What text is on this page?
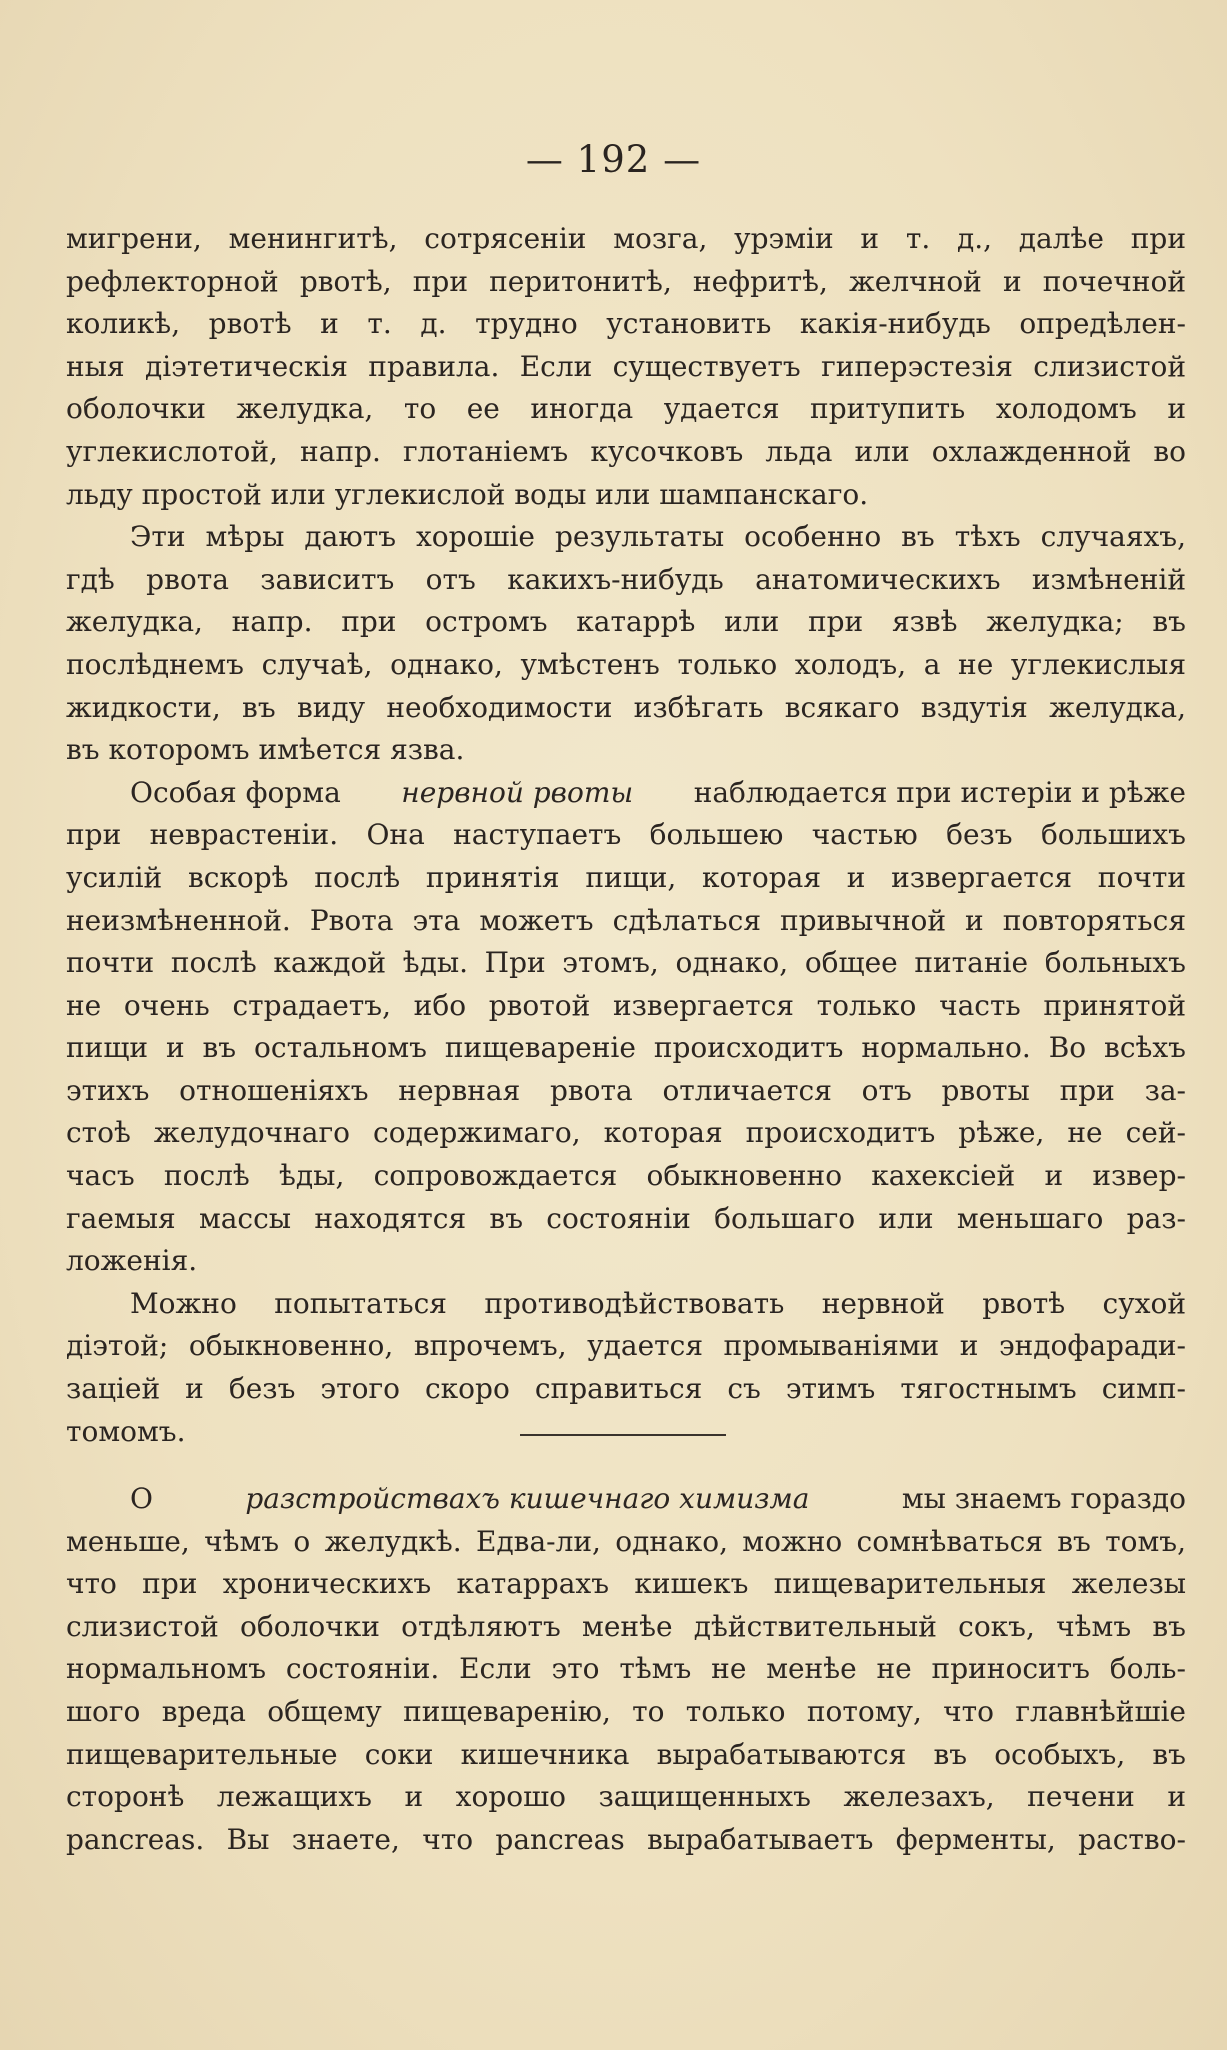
— 192 —
мигрени, менингитѣ, сотрясеніи мозга, урэміи и т. д., далѣе при
рефлекторной рвотѣ, при перитонитѣ, нефритѣ, желчной и почечной
коликѣ, рвотѣ и т. д. трудно установить какія-нибудь опредѣлен-
ныя діэтетическія правила. Если существуетъ гиперэстезія слизистой
оболочки желудка, то ее иногда удается притупить холодомъ и
углекислотой, напр. глотаніемъ кусочковъ льда или охлажденной во
льду простой или углекислой воды или шампанскаго.
Эти мѣры даютъ хорошіе результаты особенно въ тѣхъ случаяхъ,
гдѣ рвота зависитъ отъ какихъ-нибудь анатомическихъ измѣненій
желудка, напр. при остромъ катаррѣ или при язвѣ желудка; въ
послѣднемъ случаѣ, однако, умѣстенъ только холодъ, а не углекислыя
жидкости, въ виду необходимости избѣгать всякаго вздутія желудка,
въ которомъ имѣется язва.
Особая форма нервной рвоты наблюдается при истеріи и рѣже
при неврастеніи. Она наступаетъ большею частью безъ большихъ
усилій вскорѣ послѣ принятія пищи, которая и извергается почти
неизмѣненной. Рвота эта можетъ сдѣлаться привычной и повторяться
почти послѣ каждой ѣды. При этомъ, однако, общее питаніе больныхъ
не очень страдаетъ, ибо рвотой извергается только часть принятой
пищи и въ остальномъ пищевареніе происходитъ нормально. Во всѣхъ
этихъ отношеніяхъ нервная рвота отличается отъ рвоты при за-
стоѣ желудочнаго содержимаго, которая происходитъ рѣже, не сей-
часъ послѣ ѣды, сопровождается обыкновенно кахексіей и извер-
гаемыя массы находятся въ состояніи большаго или меньшаго раз-
ложенія.
Можно попытаться противодѣйствовать нервной рвотѣ сухой
діэтой; обыкновенно, впрочемъ, удается промываніями и эндофаради-
заціей и безъ этого скоро справиться съ этимъ тягостнымъ симп-
томомъ.
О	разстройствахъ кишечнаго химизма	мы знаемъ гораздо
меньше, чѣмъ о желудкѣ. Едва-ли, однако, можно сомнѣваться въ томъ,
что при хроническихъ катаррахъ кишекъ пищеварительныя железы
слизистой оболочки отдѣляютъ менѣе дѣйствительный сокъ, чѣмъ въ
нормальномъ состояніи. Если это тѣмъ не менѣе не приноситъ боль-
шого вреда общему пищеваренію, то только потому, что главнѣйшіе
пищеварительные соки кишечника вырабатываются въ особыхъ, въ
сторонѣ лежащихъ и хорошо защищенныхъ железахъ, печени и
pancreas. Вы знаете, что pancreas вырабатываетъ ферменты, раство-
